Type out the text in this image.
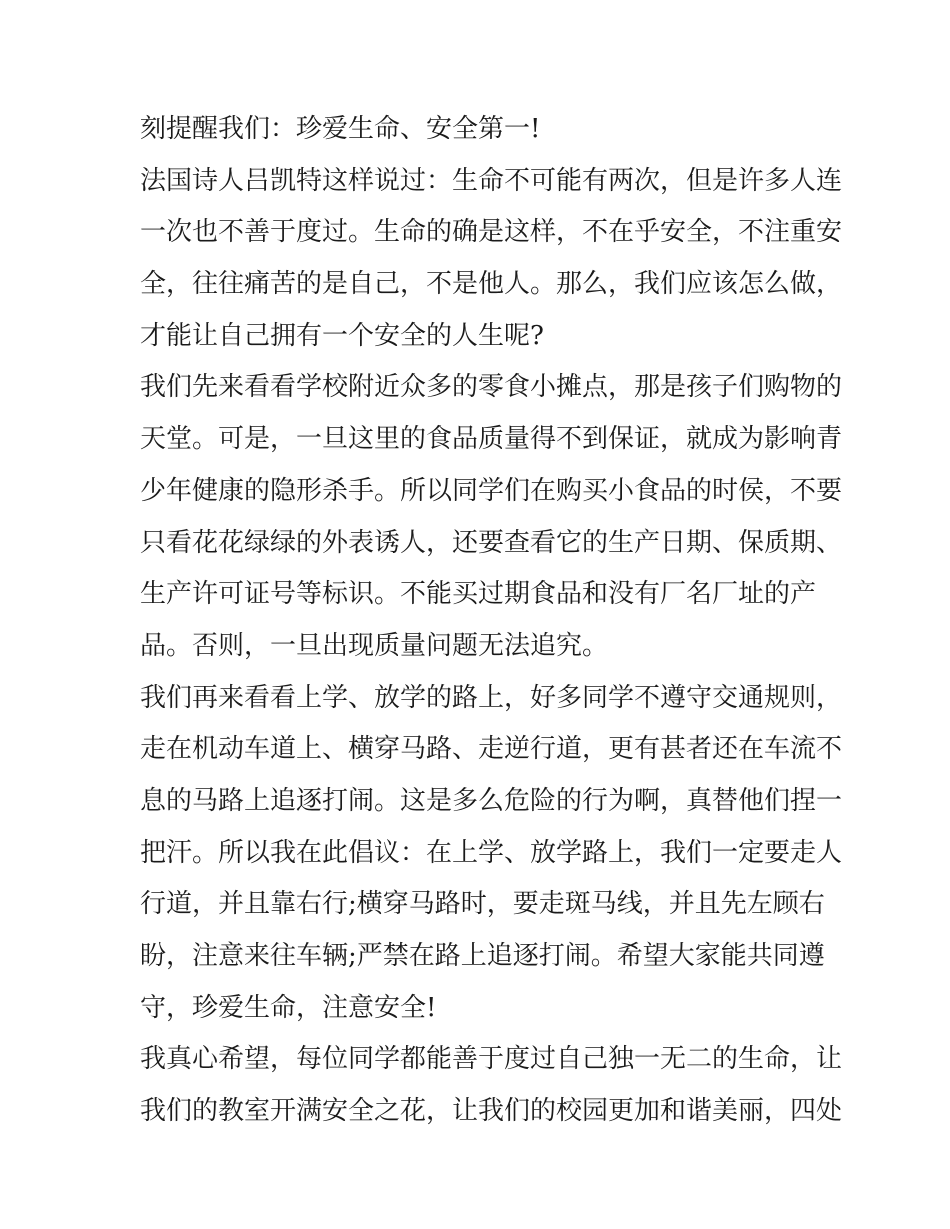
刻提醒我们：珍爱生命、安全第一!
法国诗人吕凯特这样说过：生命不可能有两次，但是许多人连
一次也不善于度过。生命的确是这样，不在乎安全，不注重安
全，往往痛苦的是自己，不是他人。那么，我们应该怎么做，
才能让自己拥有一个安全的人生呢?
我们先来看看学校附近众多的零食小摊点，那是孩子们购物的
天堂。可是，一旦这里的食品质量得不到保证，就成为影响青
少年健康的隐形杀手。所以同学们在购买小食品的时侯，不要
只看花花绿绿的外表诱人，还要查看它的生产日期、保质期、
生产许可证号等标识。不能买过期食品和没有厂名厂址的产
品。否则，一旦出现质量问题无法追究。
我们再来看看上学、放学的路上，好多同学不遵守交通规则，
走在机动车道上、横穿马路、走逆行道，更有甚者还在车流不
息的马路上追逐打闹。这是多么危险的行为啊，真替他们捏一
把汗。所以我在此倡议：在上学、放学路上，我们一定要走人
行道，并且靠右行;横穿马路时，要走斑马线，并且先左顾右
盼，注意来往车辆;严禁在路上追逐打闹。希望大家能共同遵
守，珍爱生命，注意安全!
我真心希望，每位同学都能善于度过自己独一无二的生命，让
我们的教室开满安全之花，让我们的校园更加和谐美丽，四处
